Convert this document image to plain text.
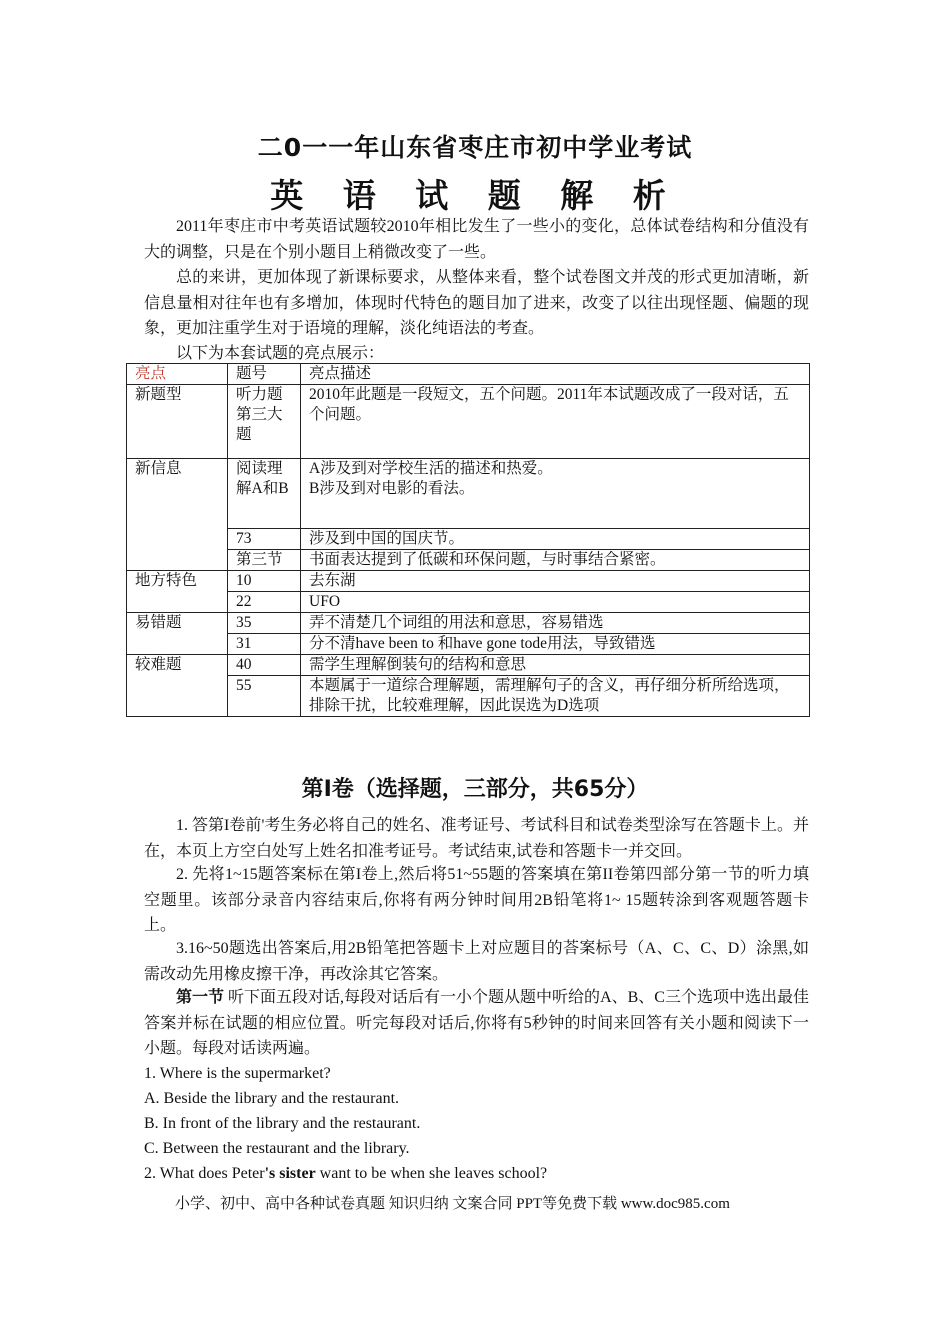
二0一一年山东省枣庄市初中学业考试
英 语 试 题 解 析

2011年枣庄市中考英语试题较2010年相比发生了一些小的变化，总体试卷结构和分值没有大的调整，只是在个别小题目上稍微改变了一些。

总的来讲，更加体现了新课标要求，从整体来看，整个试卷图文并茂的形式更加清晰，新信息量相对往年也有多增加，体现时代特色的题目加了进来，改变了以往出现怪题、偏题的现象，更加注重学生对于语境的理解，淡化纯语法的考查。

以下为本套试题的亮点展示：

亮点	题号	亮点描述
新题型	听力题第三大题	2010年此题是一段短文，五个问题。2011年本试题改成了一段对话，五个问题。
新信息	阅读理解A和B	A涉及到对学校生活的描述和热爱。
B涉及到对电影的看法。
	73	涉及到中国的国庆节。
	第三节	书面表达提到了低碳和环保问题，与时事结合紧密。
地方特色	10	去东湖
	22	UFO
易错题	35	弄不清楚几个词组的用法和意思，容易错选
	31	分不清have been to 和have gone tode用法，导致错选
较难题	40	需学生理解倒装句的结构和意思
	55	本题属于一道综合理解题，需理解句子的含义，再仔细分析所给选项，排除干扰，比较难理解，因此误选为D选项
第I卷（选择题，三部分，共65分）

1. 答第I卷前'考生务必将自己的姓名、准考证号、考试科目和试卷类型涂写在答题卡上。并在，本页上方空白处写上姓名扣准考证号。考试结束,试卷和答题卡一并交回。

2. 先将1~15题答案标在第I卷上,然后将51~55题的答案填在第II卷第四部分第一节的听力填空题里。该部分录音内容结束后,你将有两分钟时间用2B铅笔将1~ 15题转涂到客观题答题卡上。

3.16~50题选出答案后,用2B铅笔把答题卡上对应题目的荅案标号（A、C、C、D）涂黑,如需改动先用橡皮擦干净，再改涂其它答案。

第一节 听下面五段对话,每段对话后有一小个题从题中听给的A、B、C三个选项中选出最佳答案并标在试题的相应位置。听完每段对话后,你将有5秒钟的时间来回答有关小题和阅读下一小题。每段对话读两遍。

1. Where is the supermarket?

A. Beside the library and the restaurant.

B. In front of the library and the restaurant.

C. Between the restaurant and the library.

2. What does Peter's sister want to be when she leaves school?

小学、初中、高中各种试卷真题 知识归纳 文案合同 PPT等免费下载 www.doc985.com
